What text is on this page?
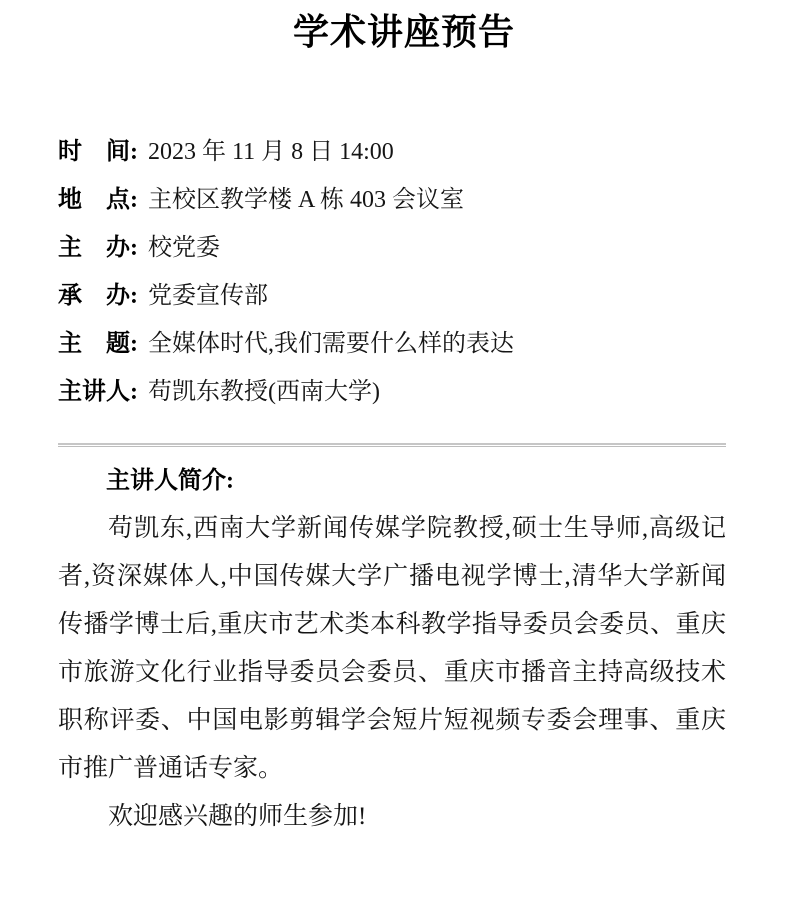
学术讲座预告
时　间: 2023 年 11 月 8 日 14:00
地　点: 主校区教学楼 A 栋 403 会议室
主　办: 校党委
承　办: 党委宣传部
主　题: 全媒体时代,我们需要什么样的表达
主讲人: 苟凯东教授(西南大学)
主讲人简介:

苟凯东,西南大学新闻传媒学院教授,硕士生导师,高级记者,资深媒体人,中国传媒大学广播电视学博士,清华大学新闻传播学博士后,重庆市艺术类本科教学指导委员会委员、重庆市旅游文化行业指导委员会委员、重庆市播音主持高级技术职称评委、中国电影剪辑学会短片短视频专委会理事、重庆市推广普通话专家。

欢迎感兴趣的师生参加!
